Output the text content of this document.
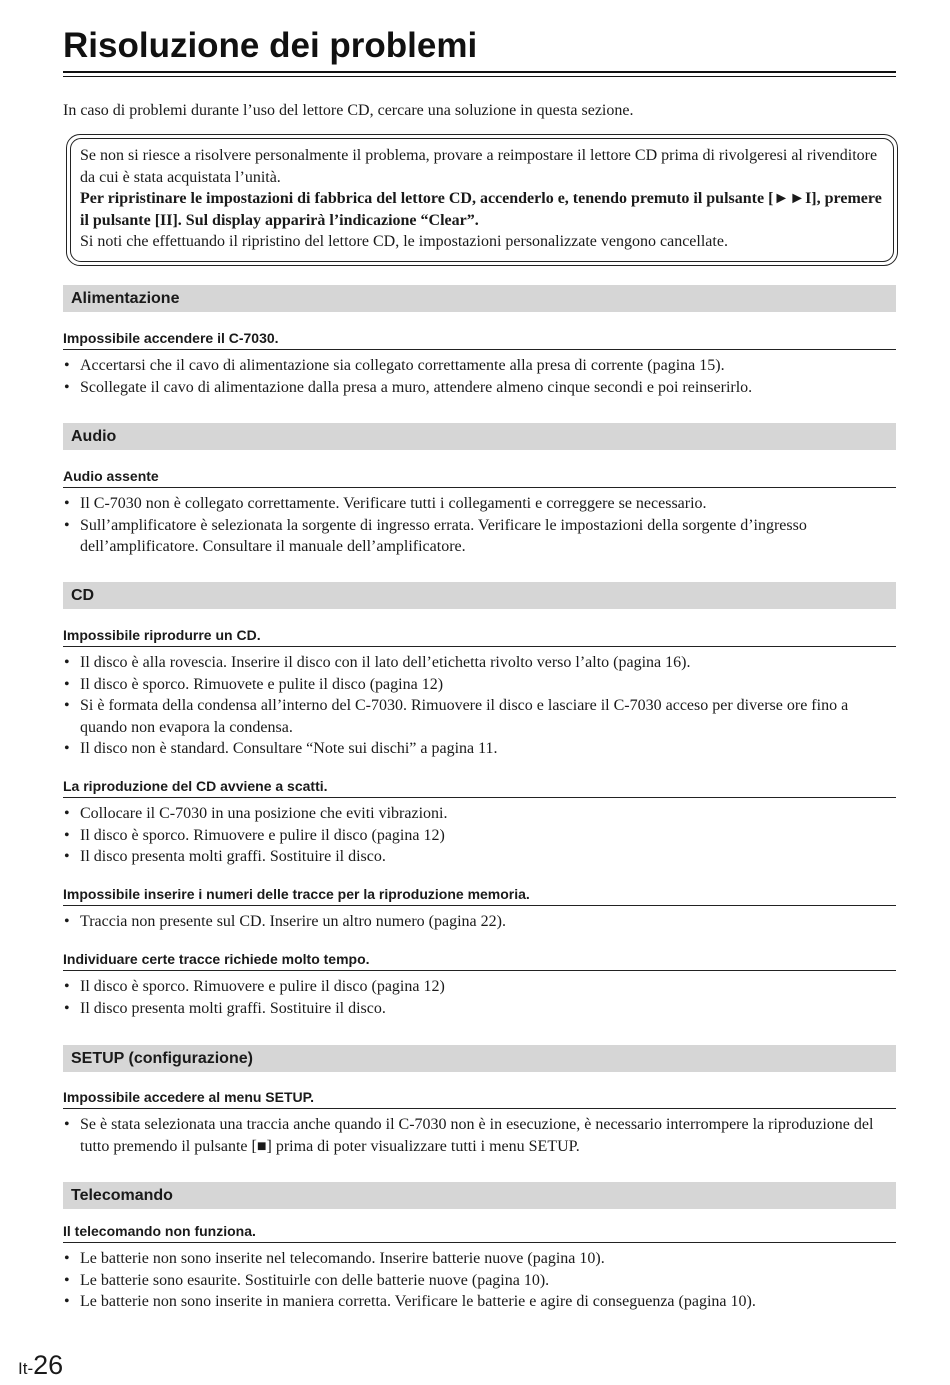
Risoluzione dei problemi
In caso di problemi durante l’uso del lettore CD, cercare una soluzione in questa sezione.

Se non si riesce a risolvere personalmente il problema, provare a reimpostare il lettore CD prima di rivolgeresi al rivenditore da cui è stata acquistata l’unità.

Per ripristinare le impostazioni di fabbrica del lettore CD, accenderlo e, tenendo premuto il pulsante [►►I], premere il pulsante [II]. Sul display apparirà l’indicazione “Clear”.

Si noti che effettuando il ripristino del lettore CD, le impostazioni personalizzate vengono cancellate.

Alimentazione
Impossibile accendere il C-7030.
• Accertarsi che il cavo di alimentazione sia collegato correttamente alla presa di corrente (pagina 15).
• Scollegate il cavo di alimentazione dalla presa a muro, attendere almeno cinque secondi e poi reinserirlo.
Audio
Audio assente
• Il C-7030 non è collegato correttamente. Verificare tutti i collegamenti e correggere se necessario.
• Sull’amplificatore è selezionata la sorgente di ingresso errata. Verificare le impostazioni della sorgente d’ingresso dell’amplificatore. Consultare il manuale dell’amplificatore.
CD
Impossibile riprodurre un CD.
• Il disco è alla rovescia. Inserire il disco con il lato dell’etichetta rivolto verso l’alto (pagina 16).
• Il disco è sporco. Rimuovete e pulite il disco (pagina 12)
• Si è formata della condensa all’interno del C-7030. Rimuovere il disco e lasciare il C-7030 acceso per diverse ore fino a quando non evapora la condensa.
• Il disco non è standard. Consultare “Note sui dischi” a pagina 11.
La riproduzione del CD avviene a scatti.
• Collocare il C-7030 in una posizione che eviti vibrazioni.
• Il disco è sporco. Rimuovere e pulire il disco (pagina 12)
• Il disco presenta molti graffi. Sostituire il disco.
Impossibile inserire i numeri delle tracce per la riproduzione memoria.
• Traccia non presente sul CD. Inserire un altro numero (pagina 22).
Individuare certe tracce richiede molto tempo.
• Il disco è sporco. Rimuovere e pulire il disco (pagina 12)
• Il disco presenta molti graffi. Sostituire il disco.
SETUP (configurazione)
Impossibile accedere al menu SETUP.
• Se è stata selezionata una traccia anche quando il C-7030 non è in esecuzione, è necessario interrompere la riproduzione del tutto premendo il pulsante [■] prima di poter visualizzare tutti i menu SETUP.
Telecomando
Il telecomando non funziona.
• Le batterie non sono inserite nel telecomando. Inserire batterie nuove (pagina 10).
• Le batterie sono esaurite. Sostituirle con delle batterie nuove (pagina 10).
• Le batterie non sono inserite in maniera corretta. Verificare le batterie e agire di conseguenza (pagina 10).
It-26
